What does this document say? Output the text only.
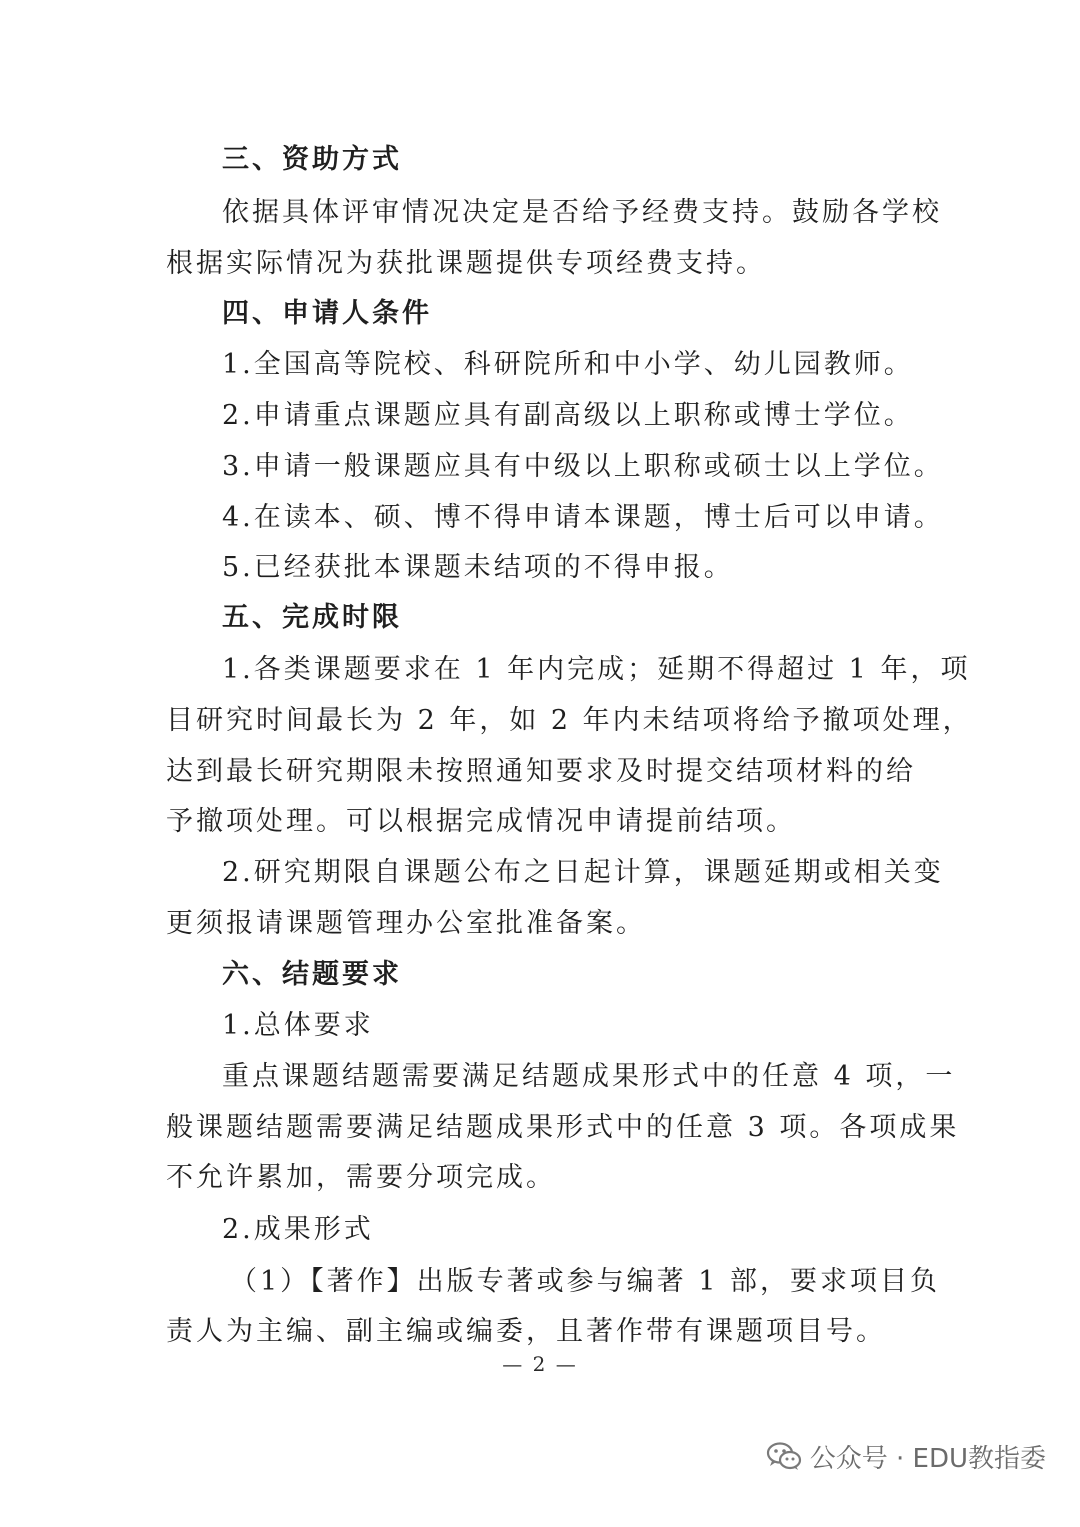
三、资助方式
依据具体评审情况决定是否给予经费支持。鼓励各学校
根据实际情况为获批课题提供专项经费支持。
四、申请人条件
1.全国高等院校、科研院所和中小学、幼儿园教师。
2.申请重点课题应具有副高级以上职称或博士学位。
3.申请一般课题应具有中级以上职称或硕士以上学位。
4.在读本、硕、博不得申请本课题，博士后可以申请。
5.已经获批本课题未结项的不得申报。
五、完成时限
1.各类课题要求在 1 年内完成；延期不得超过 1 年，项
目研究时间最长为 2 年，如 2 年内未结项将给予撤项处理，
达到最长研究期限未按照通知要求及时提交结项材料的给
予撤项处理。可以根据完成情况申请提前结项。
2.研究期限自课题公布之日起计算，课题延期或相关变
更须报请课题管理办公室批准备案。
六、结题要求
1.总体要求
重点课题结题需要满足结题成果形式中的任意 4 项，一
般课题结题需要满足结题成果形式中的任意 3 项。各项成果
不允许累加，需要分项完成。
2.成果形式
（1）【著作】出版专著或参与编著 1 部，要求项目负
责人为主编、副主编或编委，且著作带有课题项目号。
— 2 —
公众号 · EDU教指委
